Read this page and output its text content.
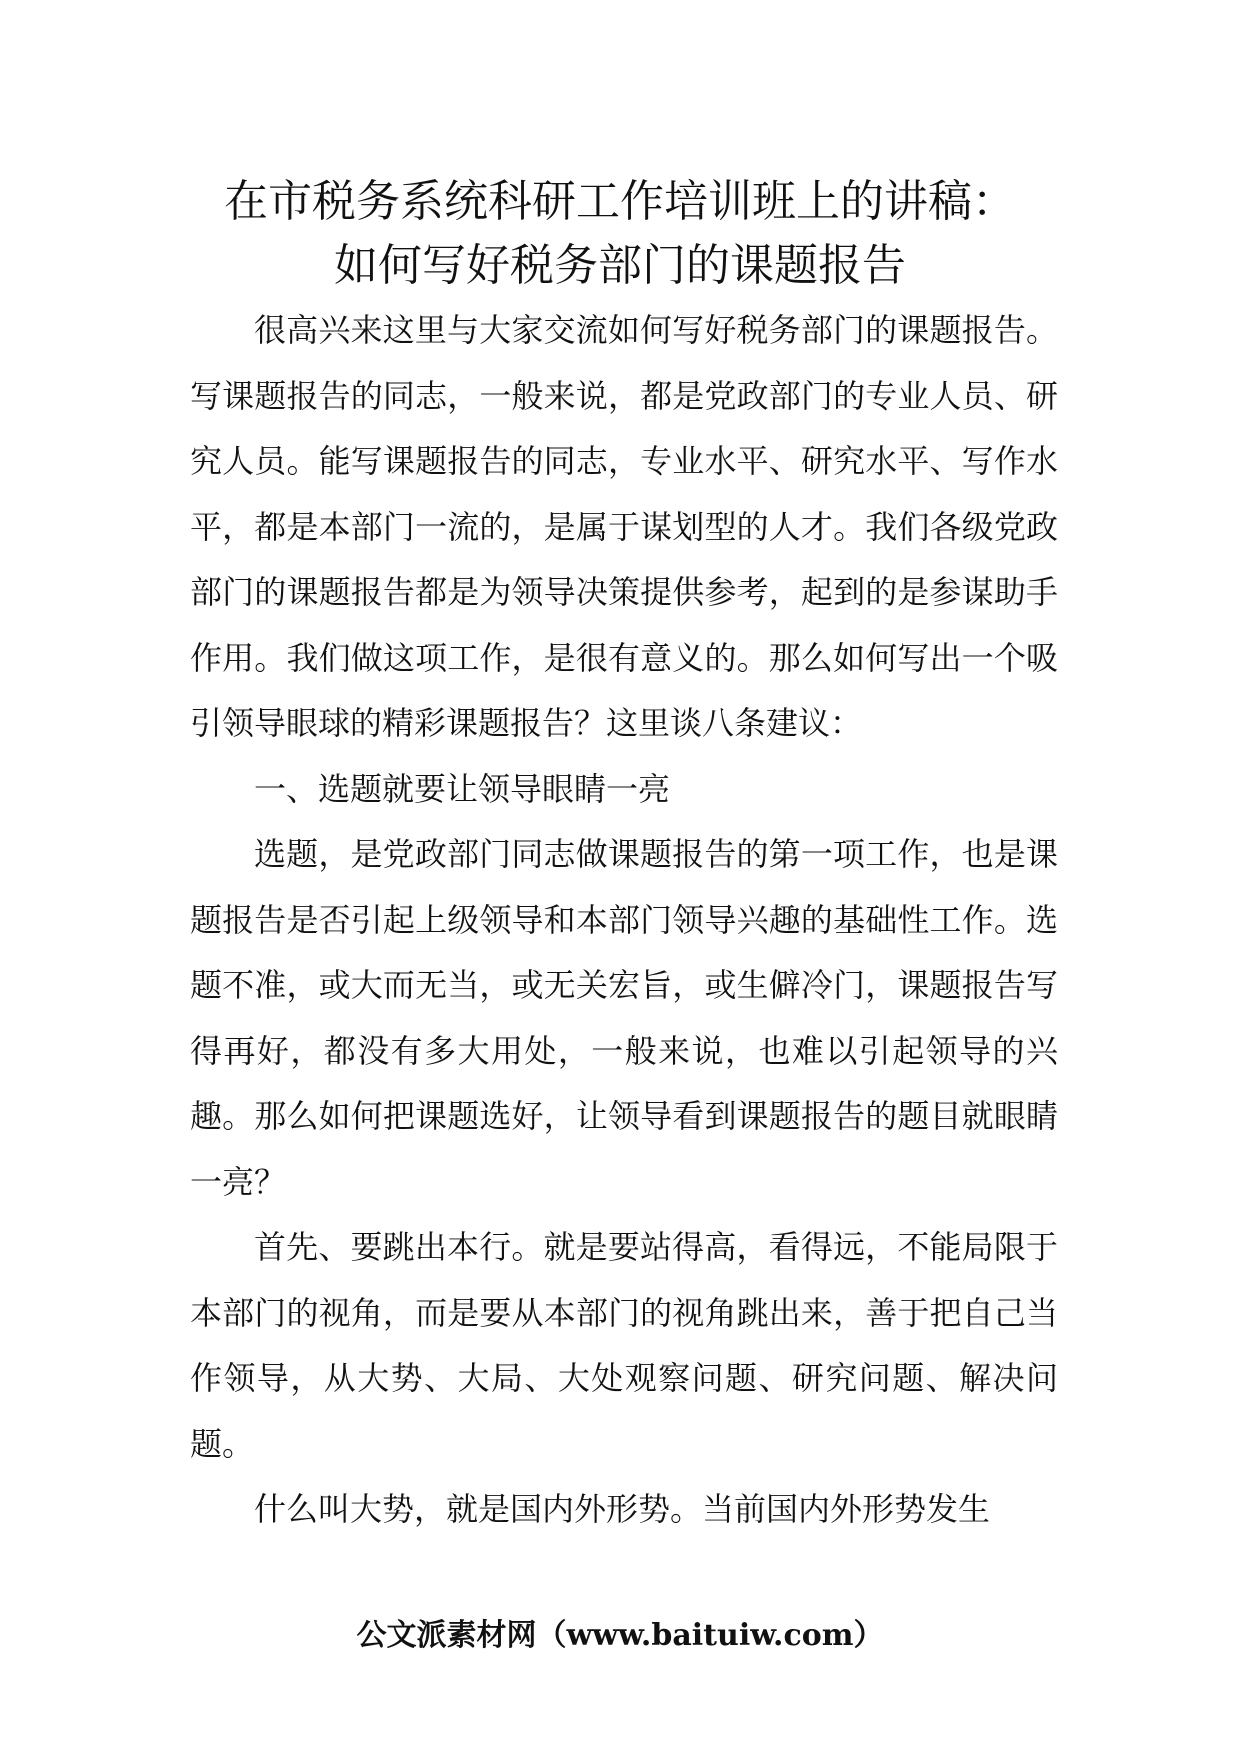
在市税务系统科研工作培训班上的讲稿：
如何写好税务部门的课题报告

很高兴来这里与大家交流如何写好税务部门的课题报告。写课题报告的同志，一般来说，都是党政部门的专业人员、研究人员。能写课题报告的同志，专业水平、研究水平、写作水平，都是本部门一流的，是属于谋划型的人才。我们各级党政部门的课题报告都是为领导决策提供参考，起到的是参谋助手作用。我们做这项工作，是很有意义的。那么如何写出一个吸引领导眼球的精彩课题报告？这里谈八条建议：

一、选题就要让领导眼睛一亮

选题，是党政部门同志做课题报告的第一项工作，也是课题报告是否引起上级领导和本部门领导兴趣的基础性工作。选题不准，或大而无当，或无关宏旨，或生僻冷门，课题报告写得再好，都没有多大用处，一般来说，也难以引起领导的兴趣。那么如何把课题选好，让领导看到课题报告的题目就眼睛一亮？

首先、要跳出本行。就是要站得高，看得远，不能局限于本部门的视角，而是要从本部门的视角跳出来，善于把自己当作领导，从大势、大局、大处观察问题、研究问题、解决问题。

什么叫大势，就是国内外形势。当前国内外形势发生

公文派素材网（www.baituiw.com）
